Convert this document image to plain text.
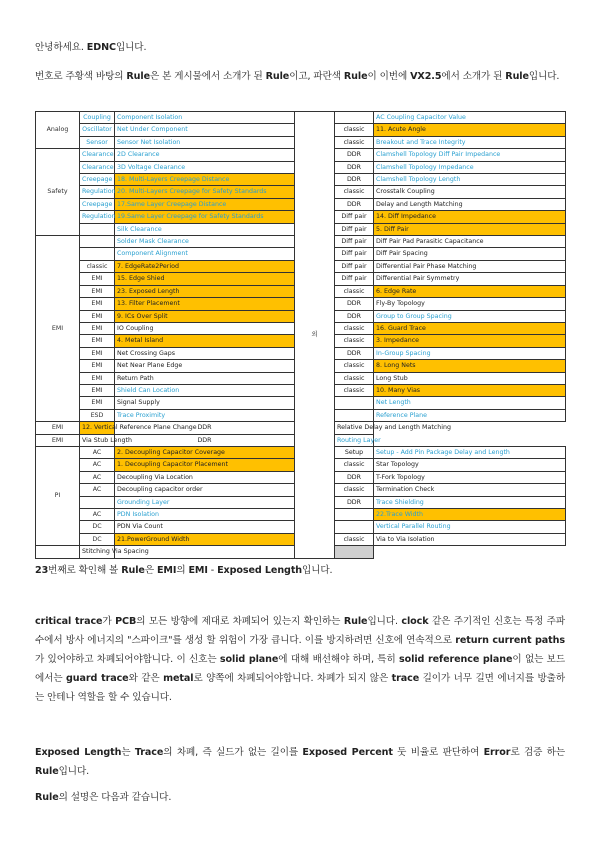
안녕하세요. EDNC입니다.
번호로 주황색 바탕의 Rule은 본 게시물에서 소개가 된 Rule이고, 파란색 Rule이 이번에 VX2.5에서 소개가 된 Rule입니다.
Analog	Coupling	Component Isolation	외		AC Coupling Capacitor Value
	Oscillator	Net Under Component		classic	11. Acute Angle
	Sensor	Sensor Net Isolation		classic	Breakout and Trace Integrity
Safety	Clearance	2D Clearance		DDR	Clamshell Topology Diff Pair Impedance
	Clearance	3D Voltage Clearance		DDR	Clamshell Topology Impedance
	Creepage	18. Multi-Layers Creepage Distance		DDR	Clamshell Topology Length
	Regulation	20. Multi-Layers Creepage for Safety Standards		classic	Crosstalk Coupling
	Creepage	17.Same Layer Creepage Distance		DDR	Delay and Length Matching
	Regulation	19.Same Layer Creepage for Safety Standards		Diff pair	14. Diff Impedance
		Silk Clearance		Diff pair	5. Diff Pair
EMI		Solder Mask Clearance		Diff pair	Diff Pair Pad Parasitic Capacitance
		Component Alignment		Diff pair	Diff Pair Spacing
	classic	7. EdgeRate2Period		Diff pair	Differential Pair Phase Matching
	EMI	15. Edge Shied		Diff pair	Differential Pair Symmetry
	EMI	23. Exposed Length		classic	6. Edge Rate
	EMI	13. Filter Placement		DDR	Fly-By Topology
	EMI	9. ICs Over Split		DDR	Group to Group Spacing
	EMI	IO Coupling		classic	16. Guard Trace
	EMI	4. Metal Island		classic	3. Impedance
	EMI	Net Crossing Gaps		DDR	In-Group Spacing
	EMI	Net Near Plane Edge		classic	8. Long Nets
	EMI	Return Path		classic	Long Stub
	EMI	Shield Can Location		classic	10. Many Vias
	EMI	Signal Supply			Net Length
	ESD	Trace Proximity			Reference Plane
EMI	12. Vertical Reference Plane Change	DDR		Relative Delay and Length Matching	
EMI	Via Stub Length	DDR		Routing Layer	
PI	AC	2. Decoupling Capacitor Coverage		Setup	Setup - Add Pin Package Delay and Length
	AC	1. Decoupling Capacitor Placement		classic	Star Topology
	AC	Decoupling Via Location		DDR	T-Fork Topology
	AC	Decoupling capacitor order		classic	Termination Check
		Grounding Layer		DDR	Trace Shielding
	AC	PDN Isolation			22.Trace Width
	DC	PDN Via Count			Vertical Parallel Routing
	DC	21.PowerGround Width		classic	Via to Via Isolation
	Stitching Via Spacing				
23번째로 확인해 볼 Rule은 EMI의 EMI - Exposed Length입니다.
critical trace가 PCB의 모든 방향에 제대로 차폐되어 있는지 확인하는 Rule입니다. clock 같은 주기적인 신호는 특정 주파수에서 방사 에너지의 "스파이크"를 생성 할 위험이 가장 큽니다. 이를 방지하려면 신호에 연속적으로 return current paths가 있어야하고 차폐되어야합니다. 이 신호는 solid plane에 대해 배선해야 하며, 특히 solid reference plane이 없는 보드에서는 guard trace와 같은 metal로 양쪽에 차폐되어야합니다. 차폐가 되지 않은 trace 길이가 너무 길면 에너지를 방출하는 안테나 역할을 할 수 있습니다.
Exposed Length는 Trace의 차폐, 즉 실드가 없는 길이를 Exposed Percent 둣 비율로 판단하여 Error로 검증 하는 Rule입니다.
Rule의 설명은 다음과 같습니다.
